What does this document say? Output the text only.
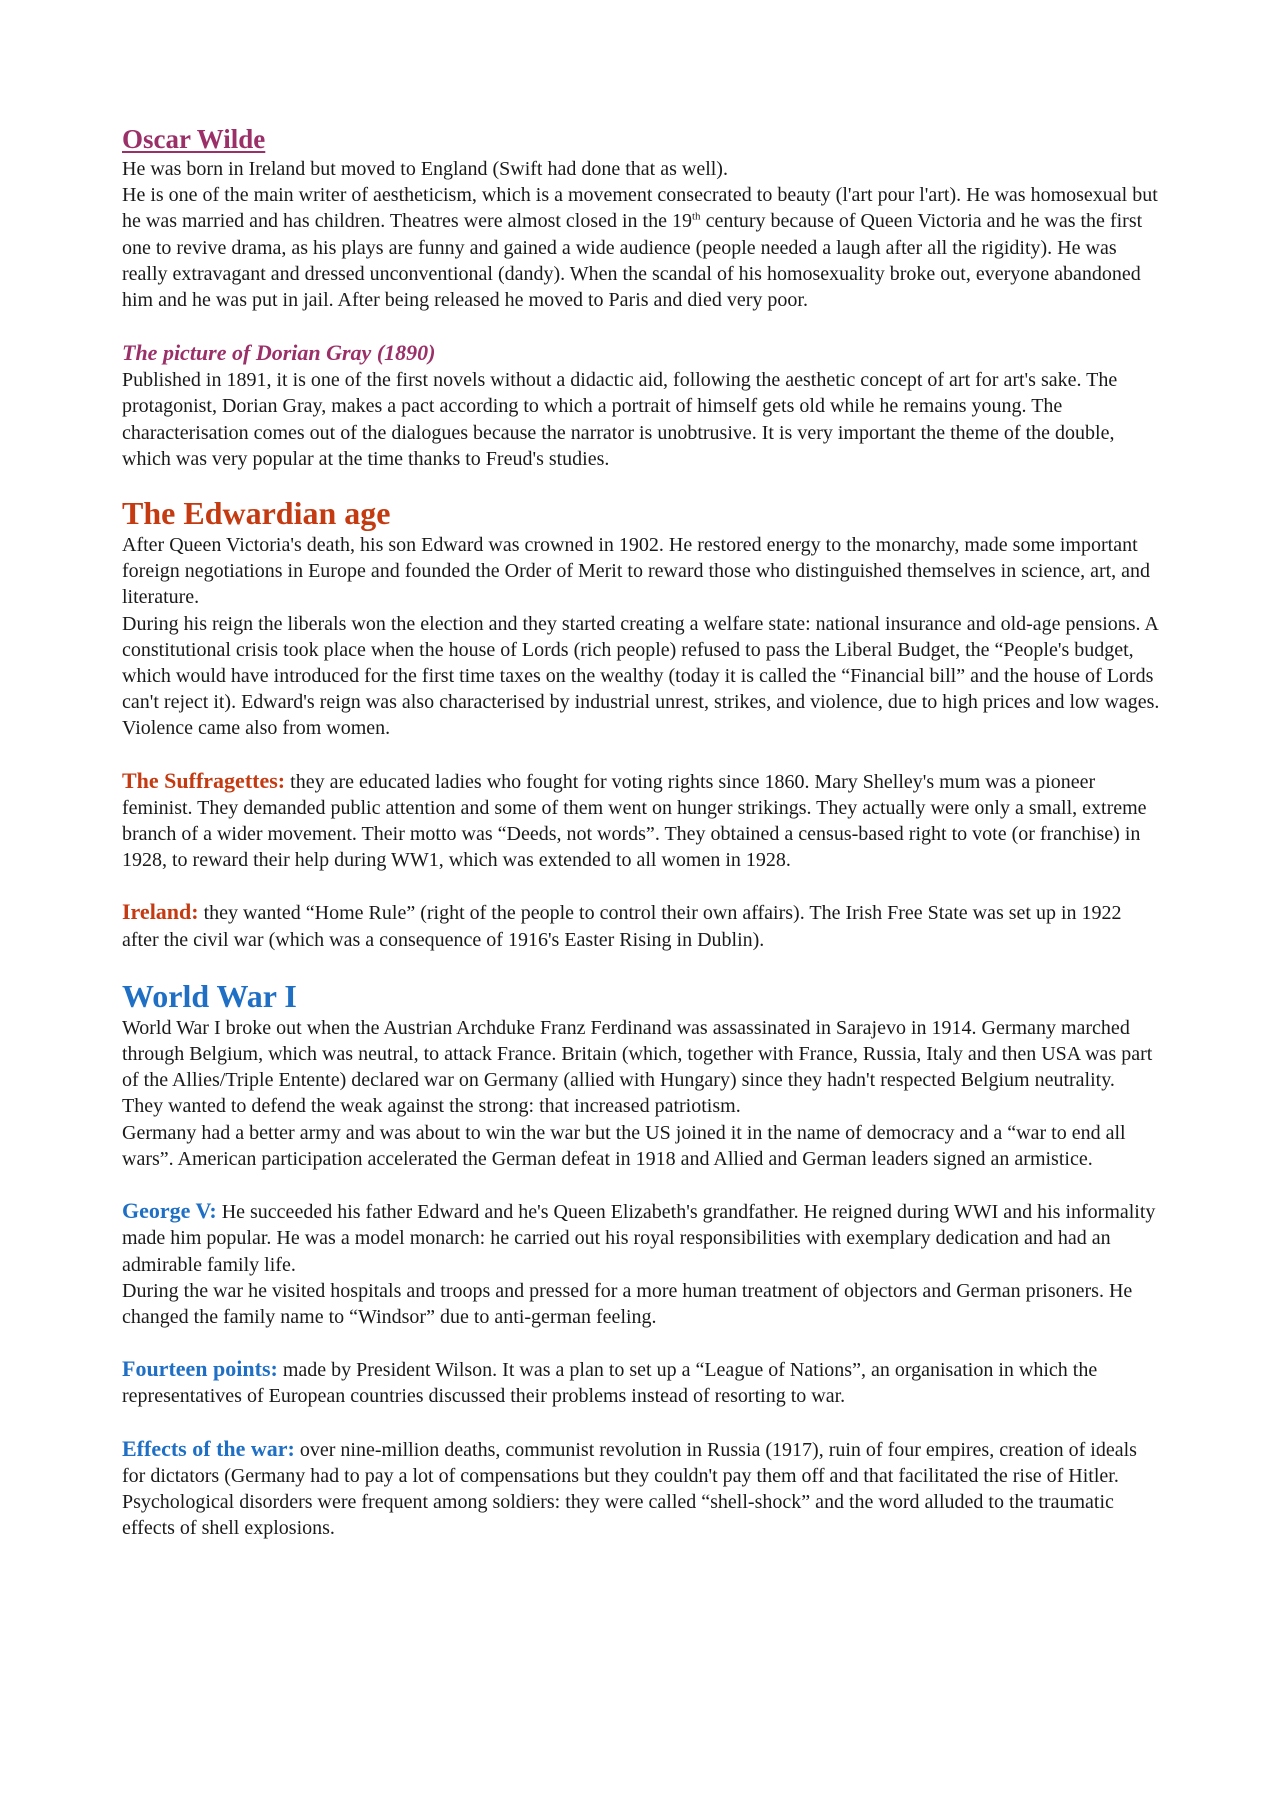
Oscar Wilde

He was born in Ireland but moved to England (Swift had done that as well).

He is one of the main writer of aestheticism, which is a movement consecrated to beauty (l'art pour l'art). He was homosexual but he was married and has children. Theatres were almost closed in the 19th century because of Queen Victoria and he was the first one to revive drama, as his plays are funny and gained a wide audience (people needed a laugh after all the rigidity). He was really extravagant and dressed unconventional (dandy). When the scandal of his homosexuality broke out, everyone abandoned him and he was put in jail. After being released he moved to Paris and died very poor.

The picture of Dorian Gray (1890)

Published in 1891, it is one of the first novels without a didactic aid, following the aesthetic concept of art for art's sake. The protagonist, Dorian Gray, makes a pact according to which a portrait of himself gets old while he remains young. The characterisation comes out of the dialogues because the narrator is unobtrusive. It is very important the theme of the double, which was very popular at the time thanks to Freud's studies.

The Edwardian age

After Queen Victoria's death, his son Edward was crowned in 1902. He restored energy to the monarchy, made some important foreign negotiations in Europe and founded the Order of Merit to reward those who distinguished themselves in science, art, and literature.

During his reign the liberals won the election and they started creating a welfare state: national insurance and old-age pensions. A constitutional crisis took place when the house of Lords (rich people) refused to pass the Liberal Budget, the “People's budget, which would have introduced for the first time taxes on the wealthy (today it is called the “Financial bill” and the house of Lords can't reject it). Edward's reign was also characterised by industrial unrest, strikes, and violence, due to high prices and low wages. Violence came also from women.

The Suffragettes: they are educated ladies who fought for voting rights since 1860. Mary Shelley's mum was a pioneer feminist. They demanded public attention and some of them went on hunger strikings. They actually were only a small, extreme branch of a wider movement. Their motto was “Deeds, not words”. They obtained a census-based right to vote (or franchise) in 1928, to reward their help during WW1, which was extended to all women in 1928.

Ireland: they wanted “Home Rule” (right of the people to control their own affairs). The Irish Free State was set up in 1922 after the civil war (which was a consequence of 1916's Easter Rising in Dublin).

World War I

World War I broke out when the Austrian Archduke Franz Ferdinand was assassinated in Sarajevo in 1914. Germany marched through Belgium, which was neutral, to attack France. Britain (which, together with France, Russia, Italy and then USA was part of the Allies/Triple Entente) declared war on Germany (allied with Hungary) since they hadn't respected Belgium neutrality. They wanted to defend the weak against the strong: that increased patriotism.

Germany had a better army and was about to win the war but the US joined it in the name of democracy and a “war to end all wars”. American participation accelerated the German defeat in 1918 and Allied and German leaders signed an armistice.

George V: He succeeded his father Edward and he's Queen Elizabeth's grandfather. He reigned during WWI and his informality made him popular. He was a model monarch: he carried out his royal responsibilities with exemplary dedication and had an admirable family life.

During the war he visited hospitals and troops and pressed for a more human treatment of objectors and German prisoners. He changed the family name to “Windsor” due to anti-german feeling.

Fourteen points: made by President Wilson. It was a plan to set up a “League of Nations”, an organisation in which the representatives of European countries discussed their problems instead of resorting to war.

Effects of the war: over nine-million deaths, communist revolution in Russia (1917), ruin of four empires, creation of ideals for dictators (Germany had to pay a lot of compensations but they couldn't pay them off and that facilitated the rise of Hitler. Psychological disorders were frequent among soldiers: they were called “shell-shock” and the word alluded to the traumatic effects of shell explosions.
